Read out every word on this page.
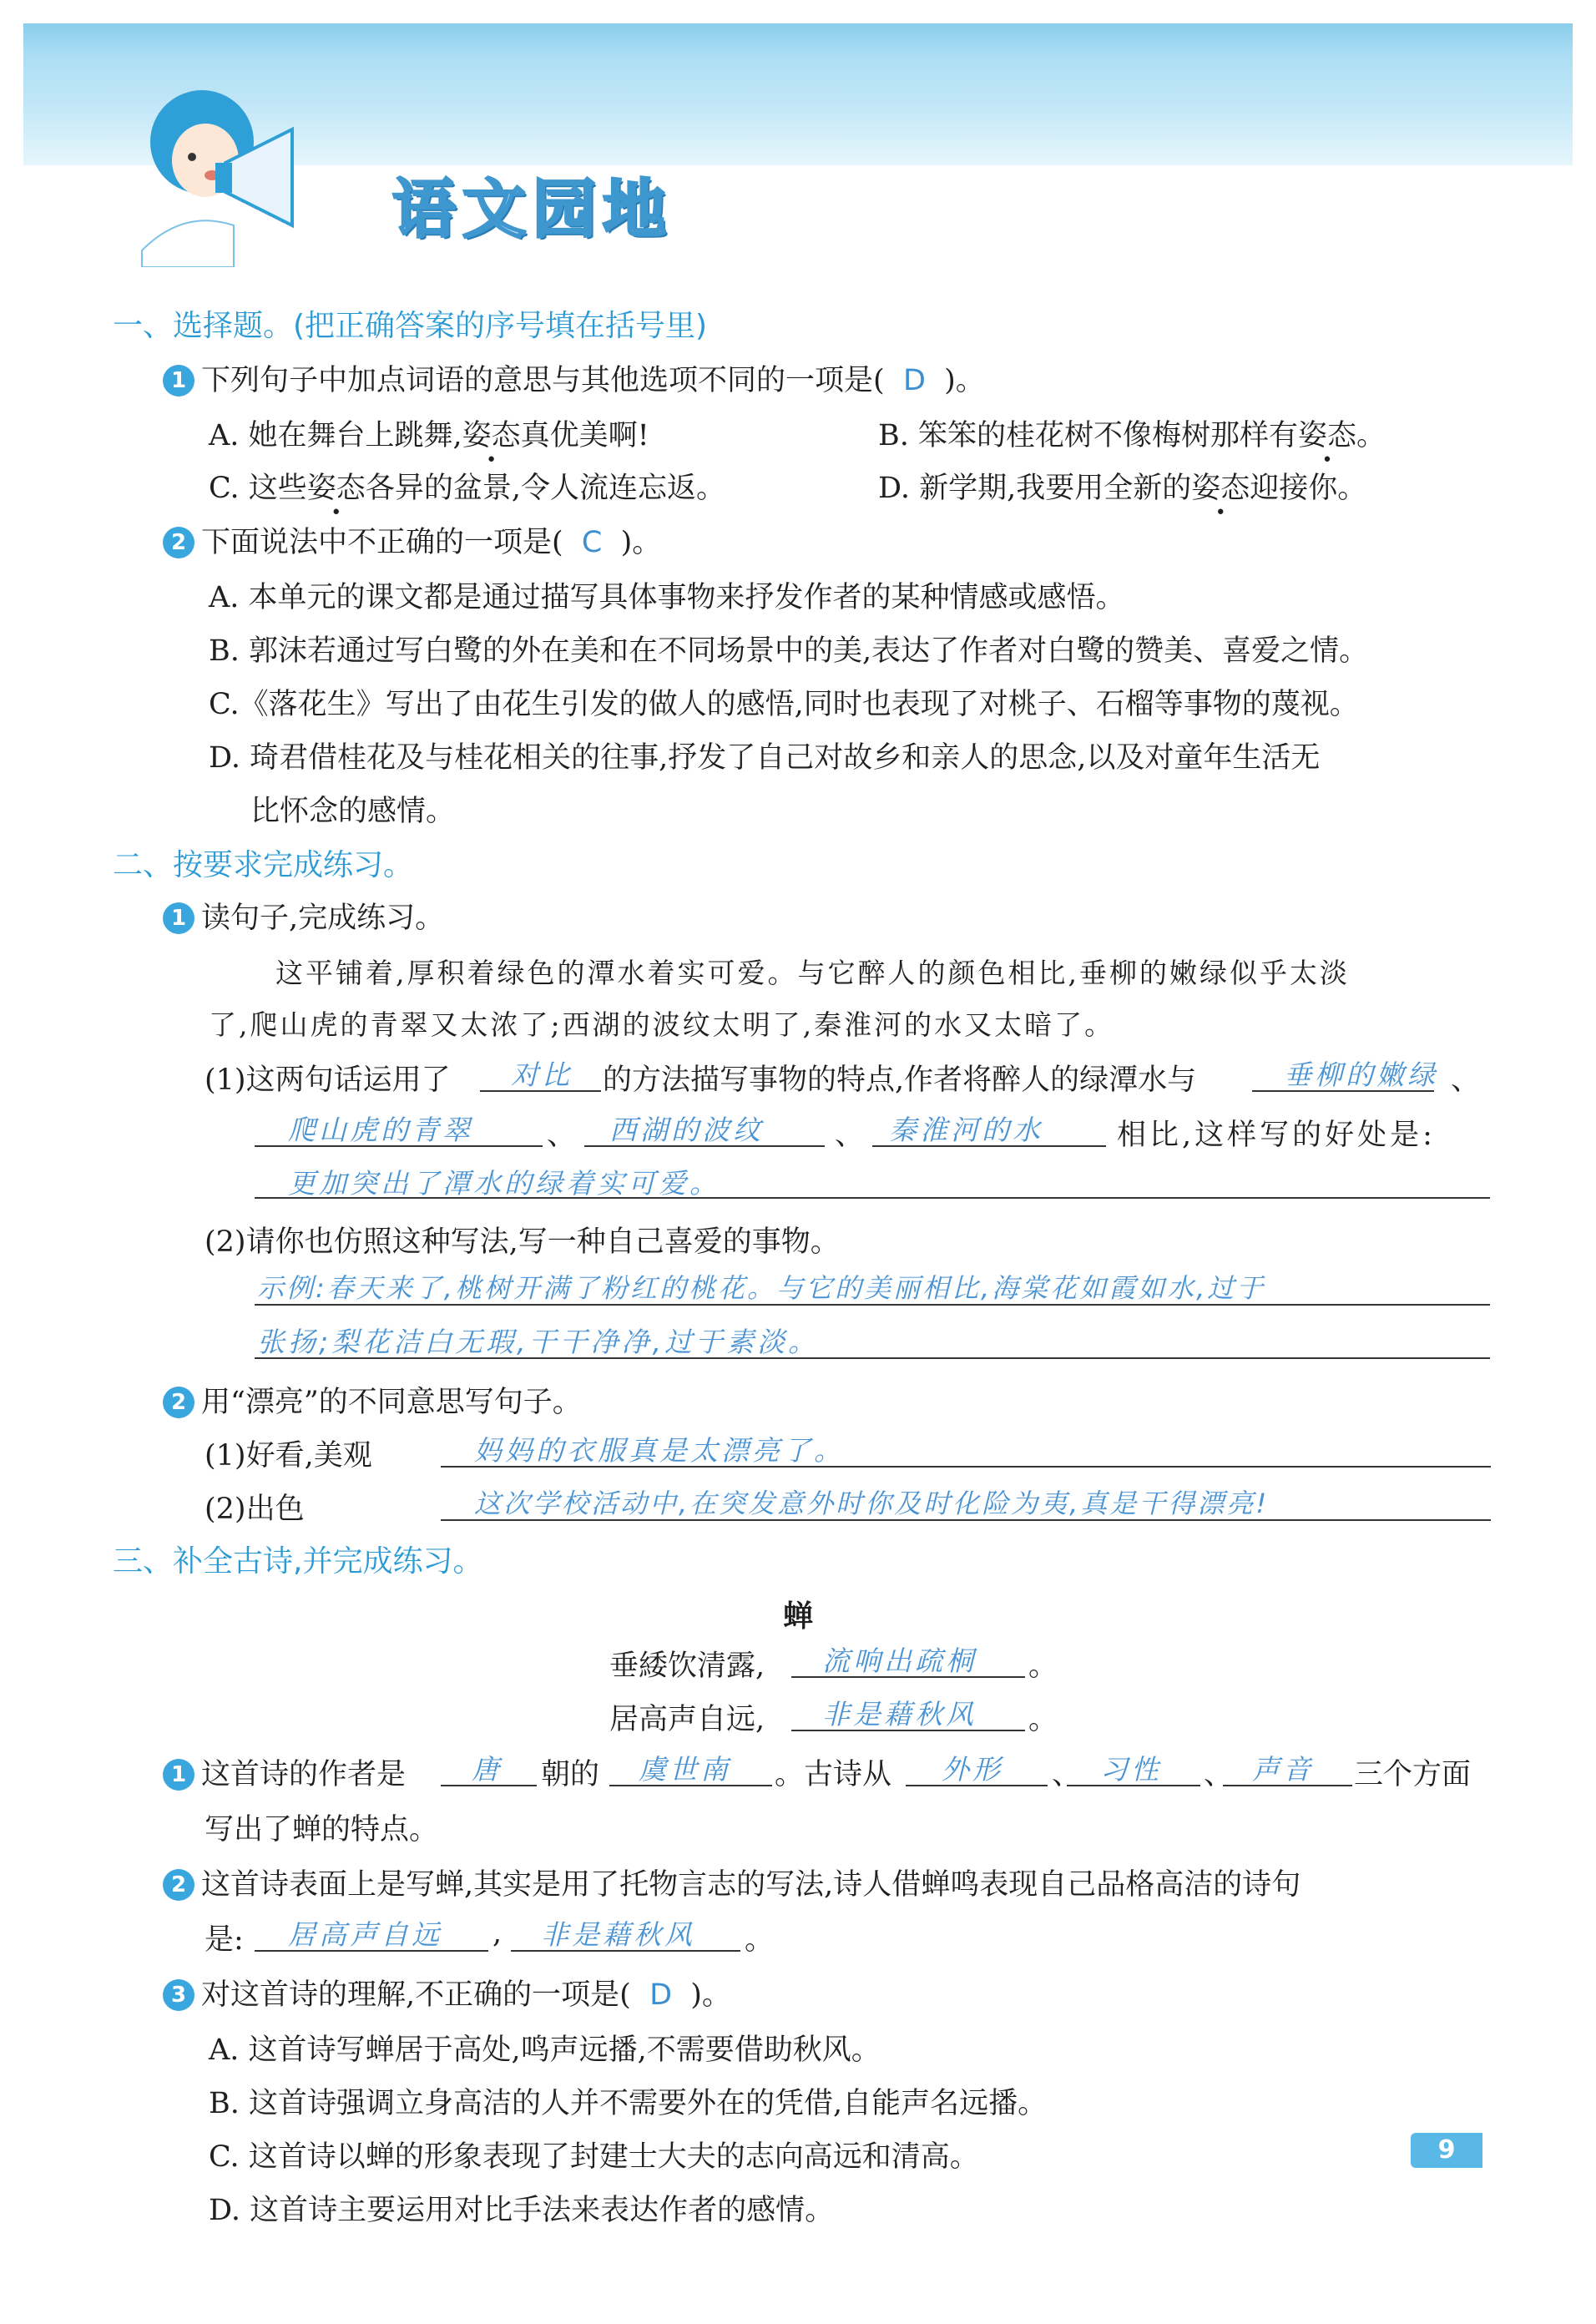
语文园地
一、选择题。(把正确答案的序号填在括号里)
1 下列句子中加点词语的意思与其他选项不同的一项是( D )。
A. 她在舞台上跳舞,姿态真优美啊!	B. 笨笨的桂花树不像梅树那样有姿态。
C. 这些姿态各异的盆景,令人流连忘返。	D. 新学期,我要用全新的姿态迎接你。
2 下面说法中不正确的一项是( C )。
A. 本单元的课文都是通过描写具体事物来抒发作者的某种情感或感悟。
B. 郭沫若通过写白鹭的外在美和在不同场景中的美,表达了作者对白鹭的赞美、喜爱之情。
C.《落花生》写出了由花生引发的做人的感悟,同时也表现了对桃子、石榴等事物的蔑视。
D. 琦君借桂花及与桂花相关的往事,抒发了自己对故乡和亲人的思念,以及对童年生活无
比怀念的感情。
二、按要求完成练习。
1 读句子,完成练习。
这平铺着,厚积着绿色的潭水着实可爱。与它醉人的颜色相比,垂柳的嫩绿似乎太淡
了,爬山虎的青翠又太浓了;西湖的波纹太明了,秦淮河的水又太暗了。
(1)这两句话运用了 对比 的方法描写事物的特点,作者将醉人的绿潭水与	垂柳的嫩绿 、
爬山虎的青翠	、 西湖的波纹 、 秦淮河的水	相比,这样写的好处是:
更加突出了潭水的绿着实可爱。
(2)请你也仿照这种写法,写一种自己喜爱的事物。
示例:春天来了,桃树开满了粉红的桃花。与它的美丽相比,海棠花如霞如水,过于
张扬;梨花洁白无瑕,干干净净,过于素淡。
2 用“漂亮”的不同意思写句子。
(1)好看,美观	妈妈的衣服真是太漂亮了。
(2)出色	这次学校活动中,在突发意外时你及时化险为夷,真是干得漂亮!
三、补全古诗,并完成练习。
蝉
垂緌饮清露, 流响出疏桐 。
居高声自远, 非是藉秋风 。
1 这首诗的作者是 唐 朝的 虞世南 。古诗从 外形 、 习性 、 声音 三个方面
写出了蝉的特点。
2 这首诗表面上是写蝉,其实是用了托物言志的写法,诗人借蝉鸣表现自己品格高洁的诗句
是: 居高声自远 , 非是藉秋风 。
3 对这首诗的理解,不正确的一项是( D )。
A. 这首诗写蝉居于高处,鸣声远播,不需要借助秋风。
B. 这首诗强调立身高洁的人并不需要外在的凭借,自能声名远播。
C. 这首诗以蝉的形象表现了封建士大夫的志向高远和清高。
D. 这首诗主要运用对比手法来表达作者的感情。
9
